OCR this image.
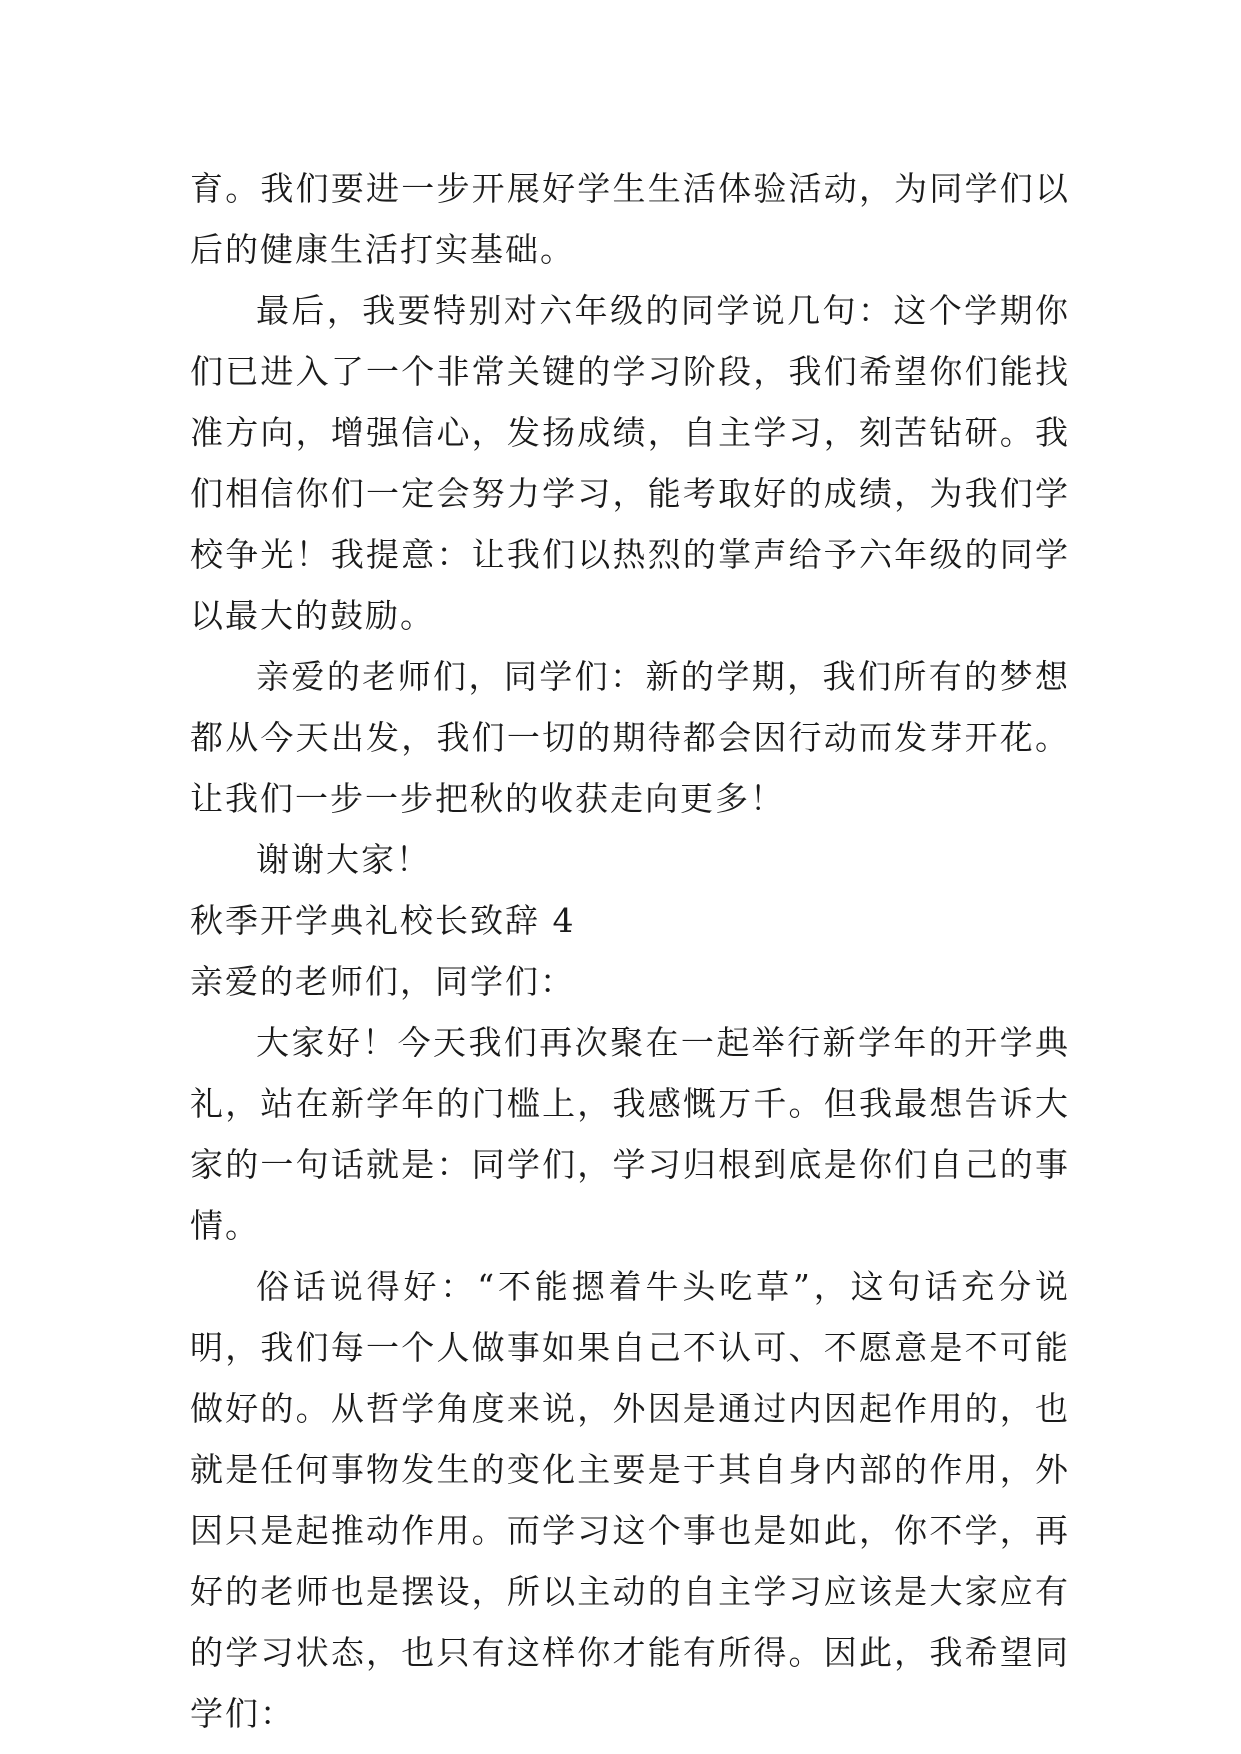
育。我们要进一步开展好学生生活体验活动，为同学们以后的健康生活打实基础。

最后，我要特别对六年级的同学说几句：这个学期你们已进入了一个非常关键的学习阶段，我们希望你们能找准方向，增强信心，发扬成绩，自主学习，刻苦钻研。我们相信你们一定会努力学习，能考取好的成绩，为我们学校争光！我提意：让我们以热烈的掌声给予六年级的同学以最大的鼓励。

亲爱的老师们，同学们：新的学期，我们所有的梦想都从今天出发，我们一切的期待都会因行动而发芽开花。让我们一步一步把秋的收获走向更多！

谢谢大家！

秋季开学典礼校长致辞 4

亲爱的老师们，同学们：

大家好！今天我们再次聚在一起举行新学年的开学典礼，站在新学年的门槛上，我感慨万千。但我最想告诉大家的一句话就是：同学们，学习归根到底是你们自己的事情。

俗话说得好：“不能摁着牛头吃草”，这句话充分说明，我们每一个人做事如果自己不认可、不愿意是不可能做好的。从哲学角度来说，外因是通过内因起作用的，也就是任何事物发生的变化主要是于其自身内部的作用，外因只是起推动作用。而学习这个事也是如此，你不学，再好的老师也是摆设，所以主动的自主学习应该是大家应有的学习状态，也只有这样你才能有所得。因此，我希望同学们：
